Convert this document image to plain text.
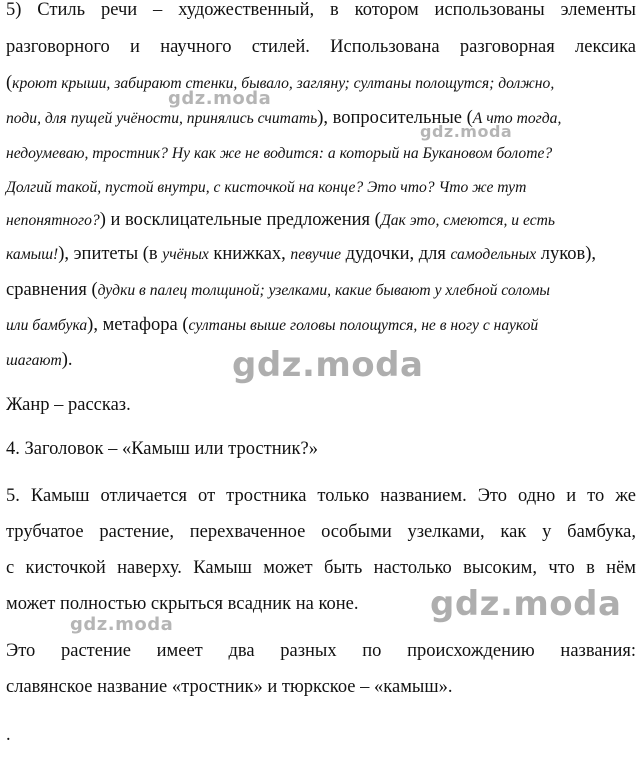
5) Стиль речи – художественный, в котором использованы элементы
разговорного и научного стилей. Использована разговорная лексика
(кроют крыши, забирают стенки, бывало, загляну; султаны полощутся; должно,
поди, для пущей учёности, принялись считать), вопросительные (А что тогда,
недоумеваю, тростник? Ну как же не водится: а который на Букановом болоте?
Долгий такой, пустой внутри, с кисточкой на конце? Это что? Что же тут
непонятного?) и восклицательные предложения (Дак это, смеются, и есть
камыш!), эпитеты (в учёных книжках, певучие дудочки, для самодельных луков),
сравнения (дудки в палец толщиной; узелками, какие бывают у хлебной соломы
или бамбука), метафора (султаны выше головы полощутся, не в ногу с наукой
шагают).
Жанр – рассказ.
4. Заголовок – «Камыш или тростник?»
5. Камыш отличается от тростника только названием. Это одно и то же
трубчатое растение, перехваченное особыми узелками, как у бамбука,
с кисточкой наверху. Камыш может быть настолько высоким, что в нём
может полностью скрыться всадник на коне.
Это растение имеет два разных по происхождению названия:
славянское название «тростник» и тюркское – «камыш».
.
gdz.moda
gdz.moda
gdz.moda
gdz.moda
gdz.moda
